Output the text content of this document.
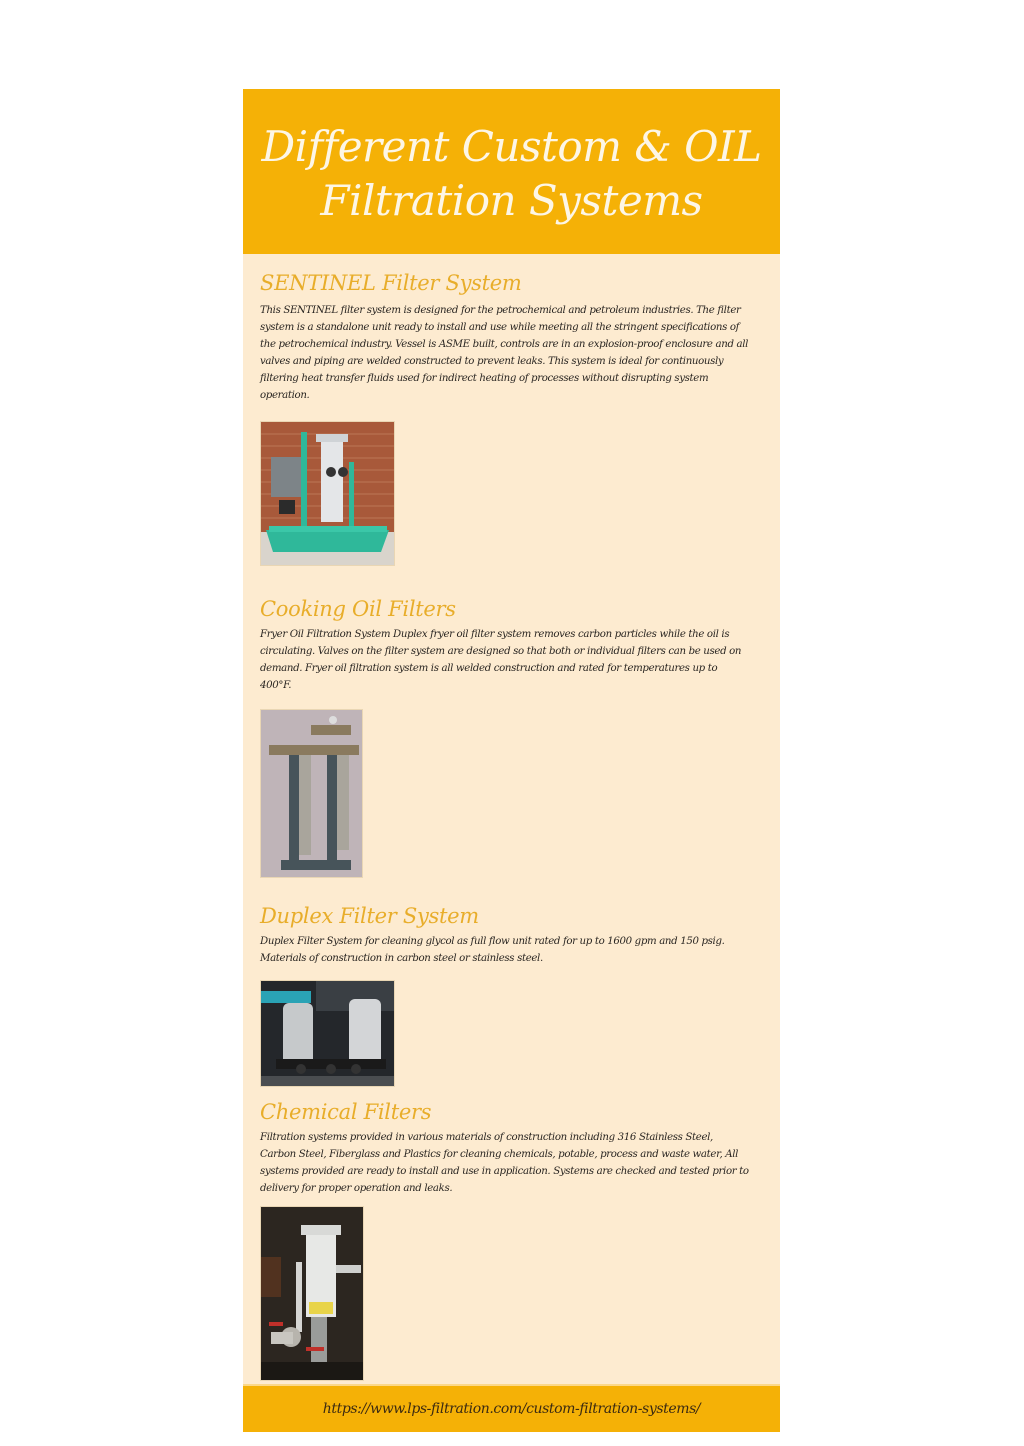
Different Custom & OIL
Filtration Systems
SENTINEL Filter System

This SENTINEL filter system is designed for the petrochemical and petroleum industries. The filter system is a standalone unit ready to install and use while meeting all the stringent specifications of the petrochemical industry. Vessel is ASME built, controls are in an explosion-proof enclosure and all valves and piping are welded constructed to prevent leaks. This system is ideal for continuously filtering heat transfer fluids used for indirect heating of processes without disrupting system operation.

Cooking Oil Filters

Fryer Oil Filtration System Duplex fryer oil filter system removes carbon particles while the oil is circulating. Valves on the filter system are designed so that both or individual filters can be used on demand. Fryer oil filtration system is all welded construction and rated for temperatures up to 400°F.

Duplex Filter System

Duplex Filter System for cleaning glycol as full flow unit rated for up to 1600 gpm and 150 psig. Materials of construction in carbon steel or stainless steel.

Chemical Filters

Filtration systems provided in various materials of construction including 316 Stainless Steel, Carbon Steel, Fiberglass and Plastics for cleaning chemicals, potable, process and waste water, All systems provided are ready to install and use in application. Systems are checked and tested prior to delivery for proper operation and leaks.

https://www.lps-filtration.com/custom-filtration-systems/
